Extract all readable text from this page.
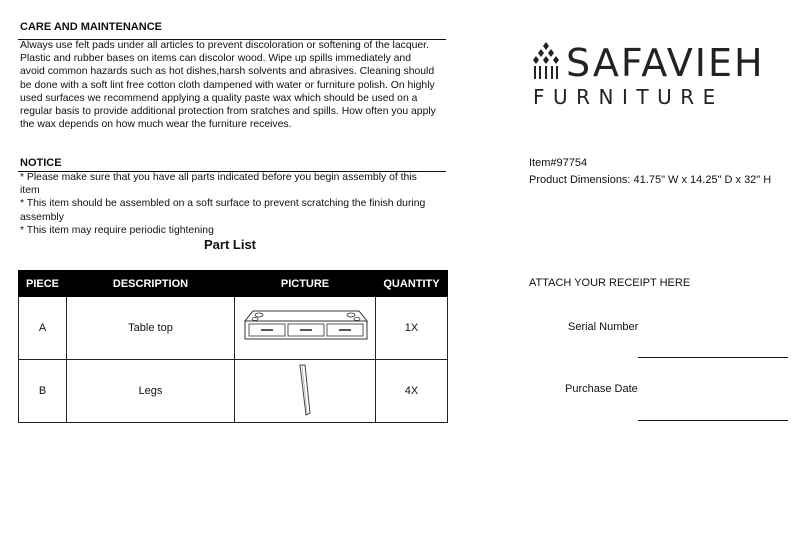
CARE AND MAINTENANCE
Always use felt pads under all articles to prevent discoloration or softening of the lacquer.
Plastic and rubber bases on items can discolor wood. Wipe up spills immediately and
avoid common hazards such as hot dishes,harsh solvents and abrasives. Cleaning should
be done with a soft lint free cotton cloth dampened with water or furniture polish. On highly
used surfaces we recommend applying a quality paste wax which should be used on a
regular basis to provide additional protection from sratches and spills. How often you apply
the wax depends on how much wear the furniture receives.
NOTICE
* Please make sure that you have all parts indicated before you begin assembly of this
item
* This item should be assembled on a soft surface to prevent scratching the finish during
assembly
* This item may require periodic tightening
Part List
PIECE	DESCRIPTION	PICTURE	QUANTITY
A	Table top		1X
B	Legs		4X
SAFAVIEH
FURNITURE
Item#97754
Product Dimensions: 41.75" W x 14.25" D x 32" H
ATTACH YOUR RECEIPT HERE
Serial Number
Purchase Date
